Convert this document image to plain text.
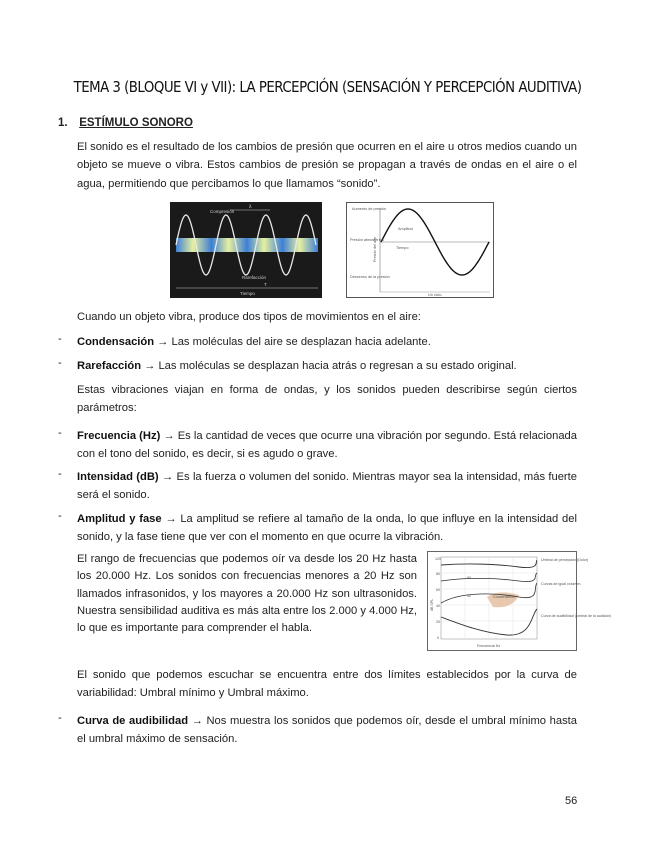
TEMA 3 (BLOQUE VI y VII): LA PERCEPCIÓN (SENSACIÓN Y PERCEPCIÓN AUDITIVA)
1. ESTÍMULO SONORO
El sonido es el resultado de los cambios de presión que ocurren en el aire u otros medios cuando un objeto se mueve o vibra. Estos cambios de presión se propagan a través de ondas en el aire o el agua, permitiendo que percibamos lo que llamamos “sonido”.
Compresión
Rarefacción
Tiempo
λ
T
Aumento de presión
Amplitud
Presión atmosférica
Tiempo
Descenso de la presión
Un ciclo
Presión del aire
Cuando un objeto vibra, produce dos tipos de movimientos en el aire:
- Condensación → Las moléculas del aire se desplazan hacia adelante.
- Rarefacción → Las moléculas se desplazan hacia atrás o regresan a su estado original.
Estas vibraciones viajan en forma de ondas, y los sonidos pueden describirse según ciertos parámetros:
- Frecuencia (Hz) → Es la cantidad de veces que ocurre una vibración por segundo. Está relacionada con el tono del sonido, es decir, si es agudo o grave.
- Intensidad (dB) → Es la fuerza o volumen del sonido. Mientras mayor sea la intensidad, más fuerte será el sonido.
- Amplitud y fase → La amplitud se refiere al tamaño de la onda, lo que influye en la intensidad del sonido, y la fase tiene que ver con el momento en que ocurre la vibración.
El rango de frecuencias que podemos oír va desde los 20 Hz hasta los 20.000 Hz. Los sonidos con frecuencias menores a 20 Hz son llamados infrasonidos, y los mayores a 20.000 Hz son ultrasonidos. Nuestra sensibilidad auditiva es más alta entre los 2.000 y 4.000 Hz, lo que es importante para comprender el habla.
Umbral de percepción (Dolor)
Curvas de igual volumen
Curva de audibilidad (umbral de la audición)
Conversación
Frecuencia Hz
dB SPL
120
80
60
40
20
0
80
40
El sonido que podemos escuchar se encuentra entre dos límites establecidos por la curva de variabilidad: Umbral mínimo y Umbral máximo.
- Curva de audibilidad → Nos muestra los sonidos que podemos oír, desde el umbral mínimo hasta el umbral máximo de sensación.
56
